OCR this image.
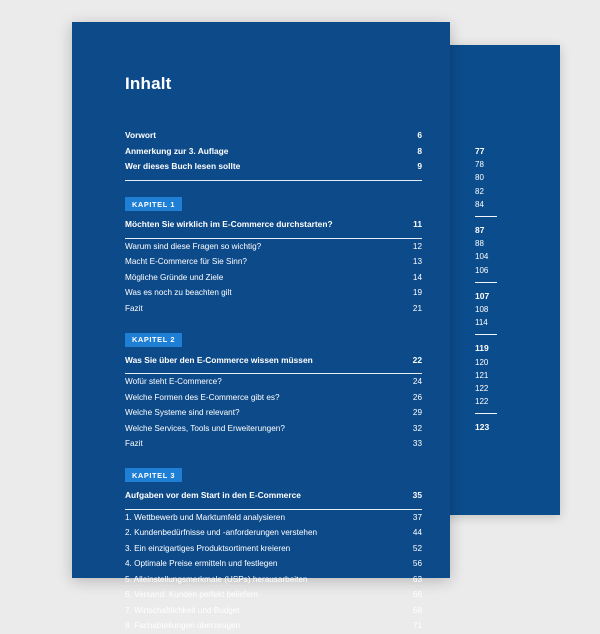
77
78
80
82
84
87
88
104
106
107
108
114
119
120
121
122
122
123
Inhalt
Vorwort	6
Anmerkung zur 3. Auflage	8
Wer dieses Buch lesen sollte	9
KAPITEL 1
Möchten Sie wirklich im E-Commerce durchstarten?	11
Warum sind diese Fragen so wichtig?	12
Macht E-Commerce für Sie Sinn?	13
Mögliche Gründe und Ziele	14
Was es noch zu beachten gilt	19
Fazit	21
KAPITEL 2
Was Sie über den E-Commerce wissen müssen	22
Wofür steht E-Commerce?	24
Welche Formen des E-Commerce gibt es?	26
Welche Systeme sind relevant?	29
Welche Services, Tools und Erweiterungen?	32
Fazit	33
KAPITEL 3
Aufgaben vor dem Start in den E-Commerce	35
1. Wettbewerb und Marktumfeld analysieren	37
2. Kundenbedürfnisse und -anforderungen verstehen	44
3. Ein einzigartiges Produktsortiment kreieren	52
4. Optimale Preise ermitteln und festlegen	56
5. Alleinstellungsmerkmale (USPs) herausarbeiten	63
6. Versand: Kunden perfekt beliefern	66
7. Wirtschaftlichkeit und Budget	68
8. Fachabteilungen überzeugen	71
